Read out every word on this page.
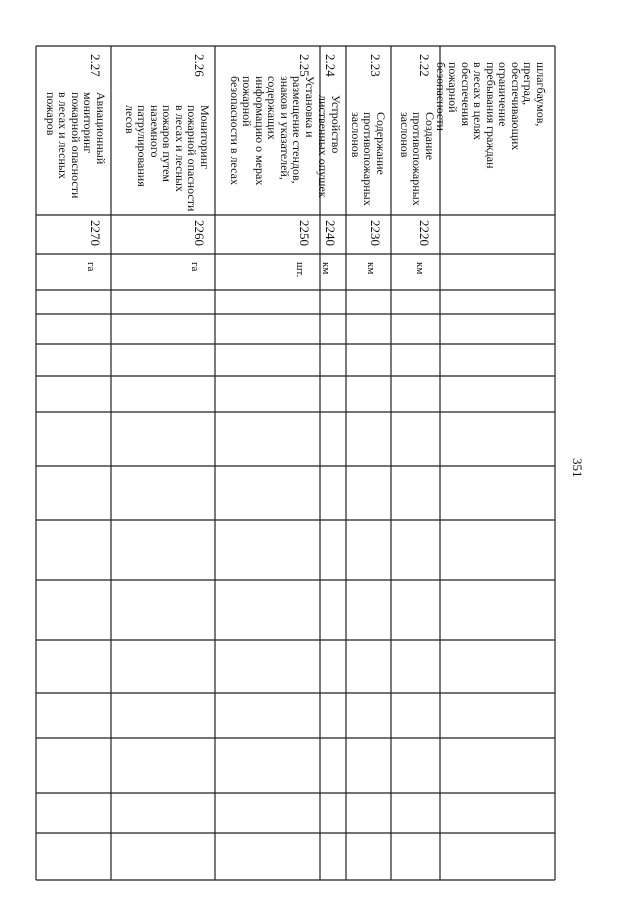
351
шлагбаумов,
преград,
обеспечивающих
ограничение
пребывания граждан
в лесах в целях
обеспечения
пожарной
безопасности
2.22
Создание
противопожарных
заслонов
2220
км
2.23
Содержание
противопожарных
заслонов
2230
км
2.24
Устройство
лиственных опушек
2240
км
2.25
Установка и
размещение стендов,
знаков и указателей,
содержащих
информацию о мерах
пожарной
безопасности в лесах
2250
шт.
2.26
Мониторинг
пожарной опасности
в лесах и лесных
пожаров путем
наземного
патрулирования
лесов
2260
га
2.27
Авиационный
мониторинг
пожарной опасности
в лесах и лесных
пожаров
2270
га
